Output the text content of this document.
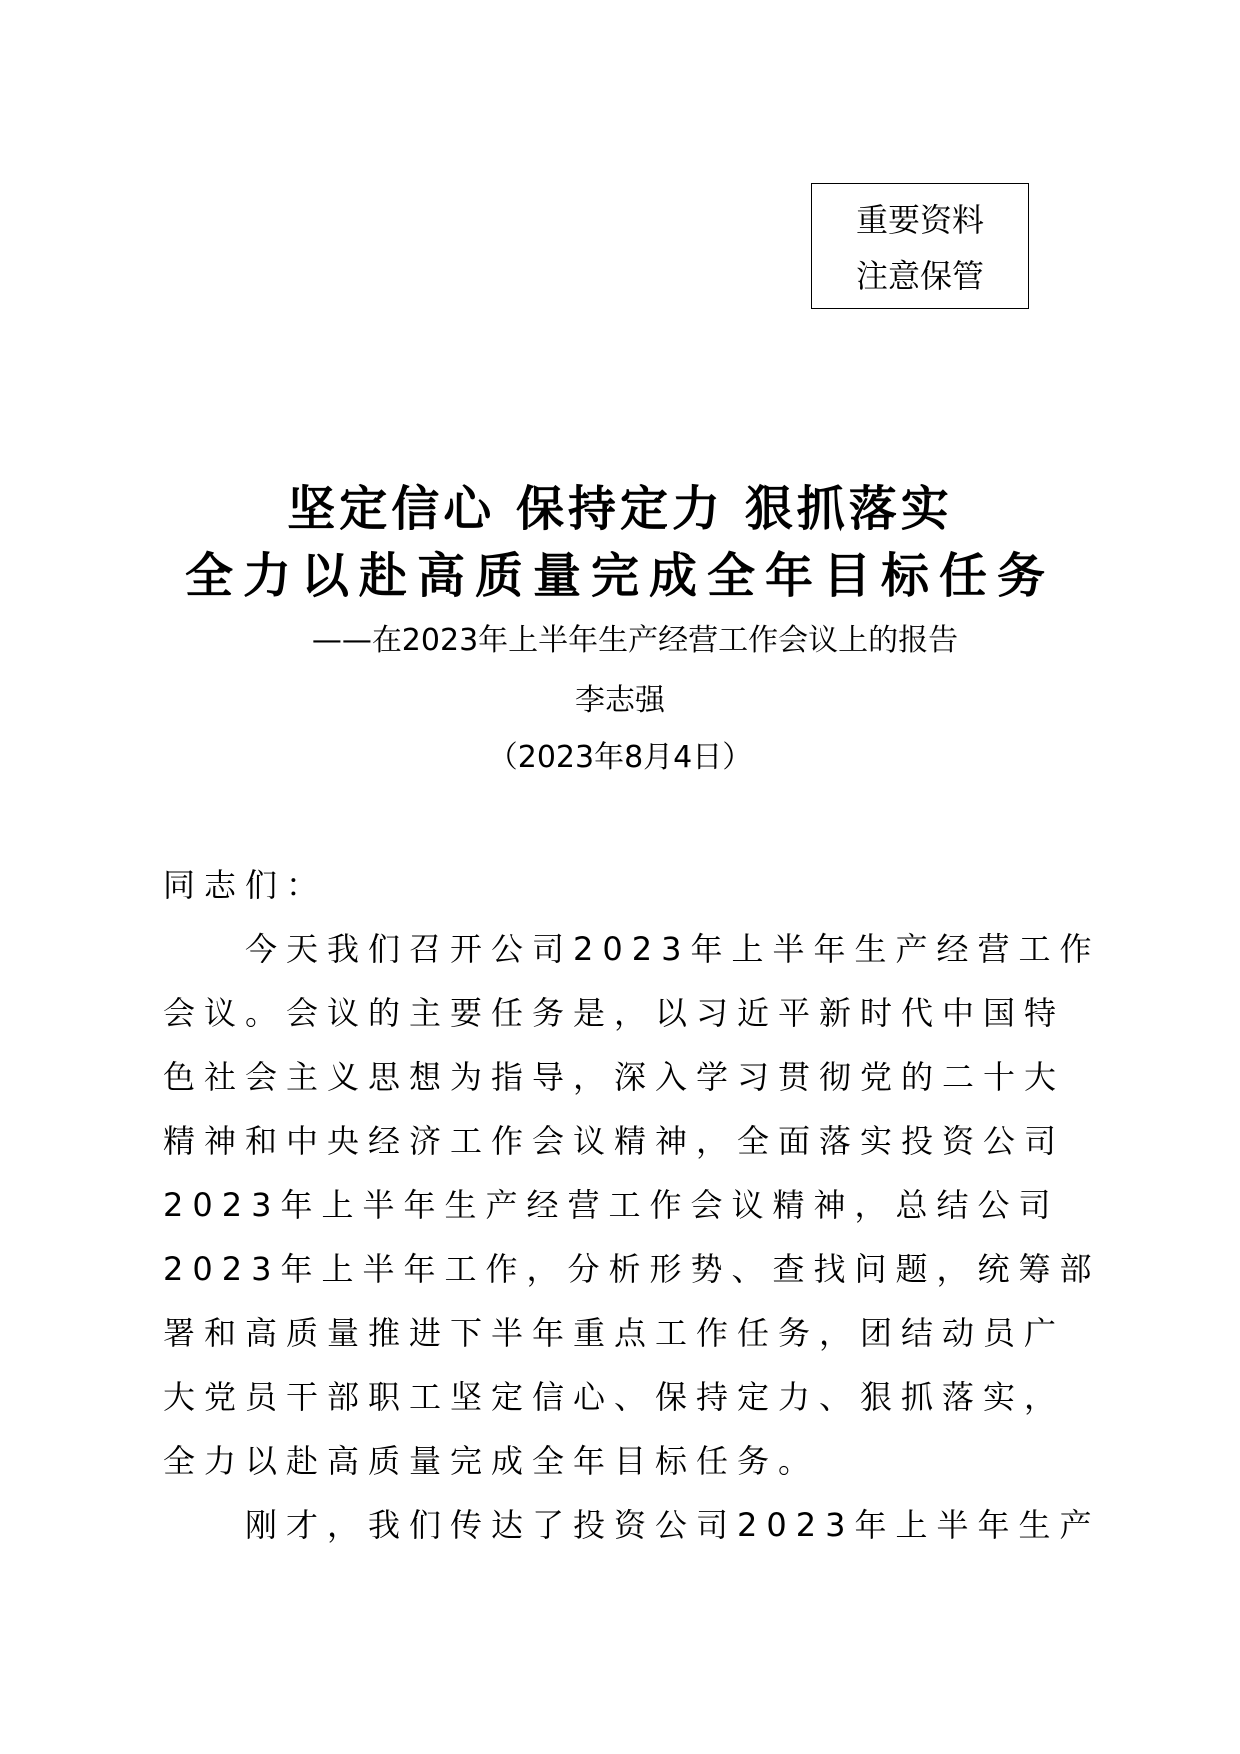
重要资料
注意保管
坚定信心 保持定力 狠抓落实
全力以赴高质量完成全年目标任务
——在2023年上半年生产经营工作会议上的报告
李志强
（2023年8月4日）
同志们：
　　今天我们召开公司2023年上半年生产经营工作
会议。会议的主要任务是，以习近平新时代中国特
色社会主义思想为指导，深入学习贯彻党的二十大
精神和中央经济工作会议精神，全面落实投资公司
2023年上半年生产经营工作会议精神，总结公司
2023年上半年工作，分析形势、查找问题，统筹部
署和高质量推进下半年重点工作任务，团结动员广
大党员干部职工坚定信心、保持定力、狠抓落实，
全力以赴高质量完成全年目标任务。
　　刚才，我们传达了投资公司2023年上半年生产
